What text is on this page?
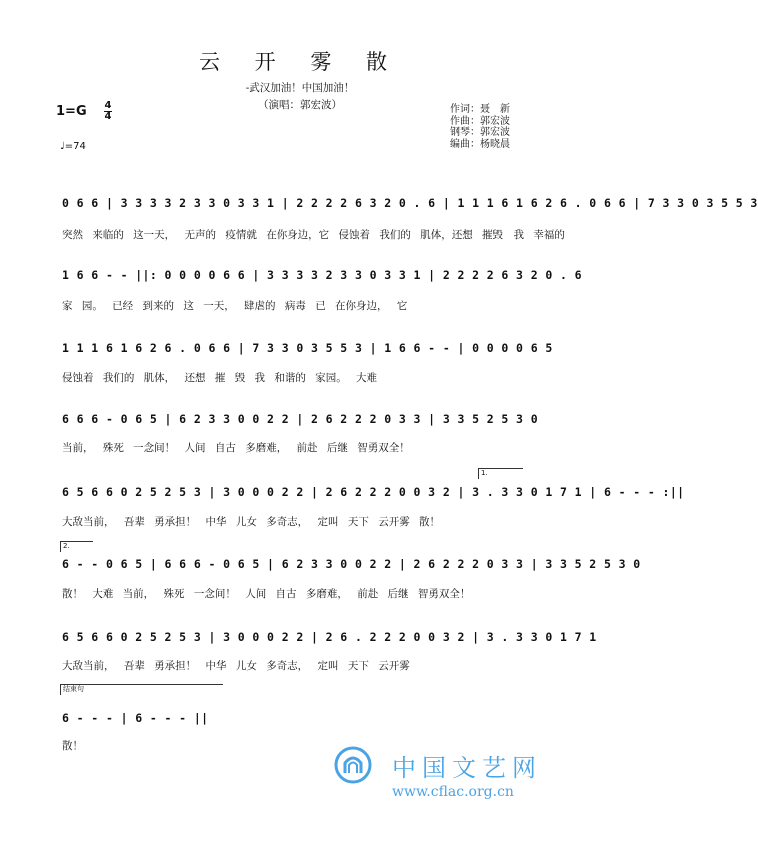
云 开 雾 散
-武汉加油！中国加油！
（演唱：郭宏波）
1=G	4
4
♩=74
作词：聂　新
作曲：郭宏波
钢琴：郭宏波
编曲：杨晓晨
0 6 6 | 3 3 3 3 2 3 3 0 3 3 1 | 2 2 2 2 6 3 2 0 . 6 | 1 1 1 6 1 6 2 6 . 0 6 6 | 7 3 3 0 3 5 5 3
突然 来临的 这一天， 无声的 疫情就 在你身边，它 侵蚀着 我们的 肌体，还想 摧毁　我 幸福的
1 6 6 - - ||: 0 0 0 0 6 6 | 3 3 3 3 2 3 3 0 3 3 1 | 2 2 2 2 6 3 2 0 . 6
家 园。 已经 到来的 这 一天， 肆虐的 病毒 已 在你身边， 它
1 1 1 6 1 6 2 6 . 0 6 6 | 7 3 3 0 3 5 5 3 | 1 6 6 - - | 0 0 0 0 6 5
侵蚀着 我们的 肌体， 还想 摧 毁 我 和谐的 家园。 大难
6 6 6 - 0 6 5 | 6 2 3 3 0 0 2 2 | 2 6 2 2 2 0 3 3 | 3 3 5 2 5 3 0
当前， 殊死 一念间！ 人间 自古 多磨难， 前赴 后继 智勇双全！
1.
6 5 6 6 0 2 5 2 5 3 | 3 0 0 0 2 2 | 2 6 2 2 2 0 0 3 2 | 3 . 3 3 0 1 7 1 | 6 - - - :||
大敌当前， 吾辈 勇承担！ 中华 儿女 多奇志， 定叫 天下 云开雾 散！
2.
6 - - 0 6 5 | 6 6 6 - 0 6 5 | 6 2 3 3 0 0 2 2 | 2 6 2 2 2 0 3 3 | 3 3 5 2 5 3 0
散！ 大难 当前， 殊死 一念间！ 人间 自古 多磨难， 前赴 后继 智勇双全！
6 5 6 6 0 2 5 2 5 3 | 3 0 0 0 2 2 | 2 6 . 2 2 2 0 0 3 2 | 3 . 3 3 0 1 7 1
大敌当前， 吾辈 勇承担！ 中华 儿女 多奇志， 定叫 天下 云开雾
结束句
6 - - - | 6 - - - ||
散！
中国文艺网
www.cflac.org.cn
